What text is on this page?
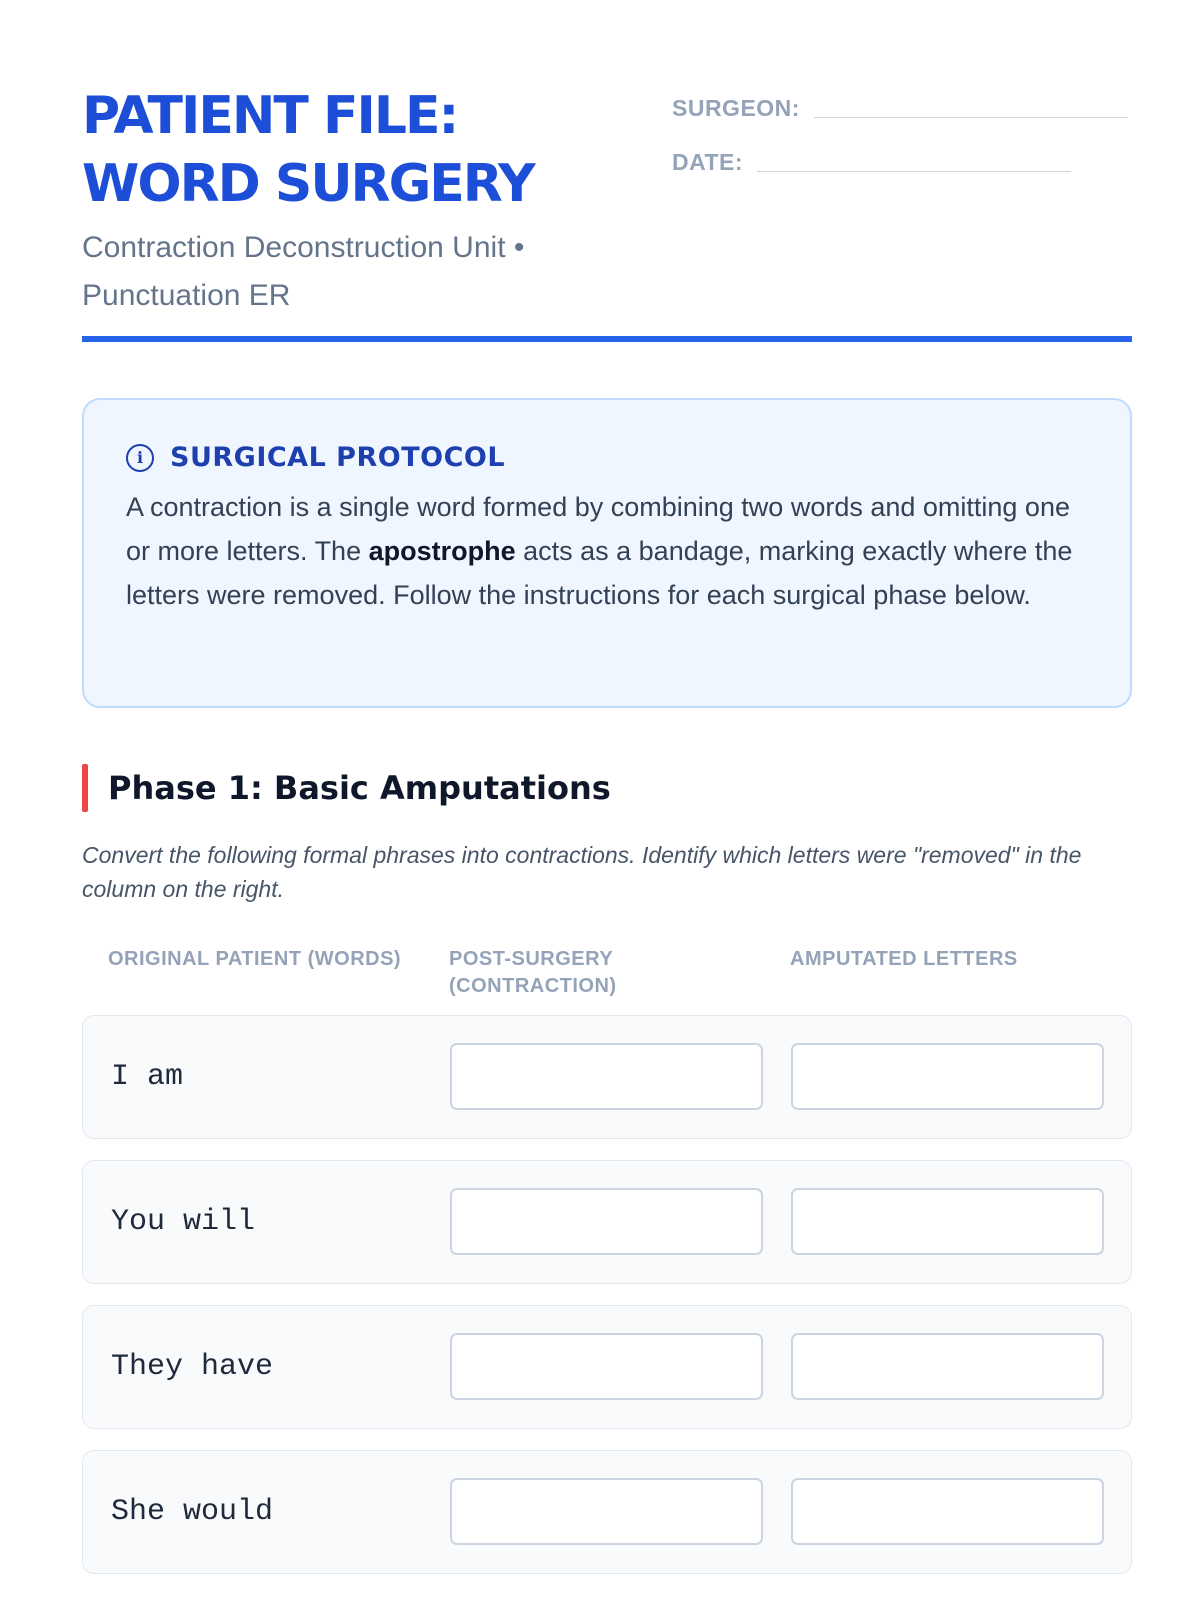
PATIENT FILE:
WORD SURGERY
Contraction Deconstruction Unit • Punctuation ER
SURGEON:
DATE:
i SURGICAL PROTOCOL
A contraction is a single word formed by combining two words and omitting one or more letters. The apostrophe acts as a bandage, marking exactly where the letters were removed. Follow the instructions for each surgical phase below.
Phase 1: Basic Amputations
Convert the following formal phrases into contractions. Identify which letters were "removed" in the column on the right.
ORIGINAL PATIENT (WORDS)	POST-SURGERY (CONTRACTION)
AMPUTATED LETTERS
I am
You will
They have
She would
